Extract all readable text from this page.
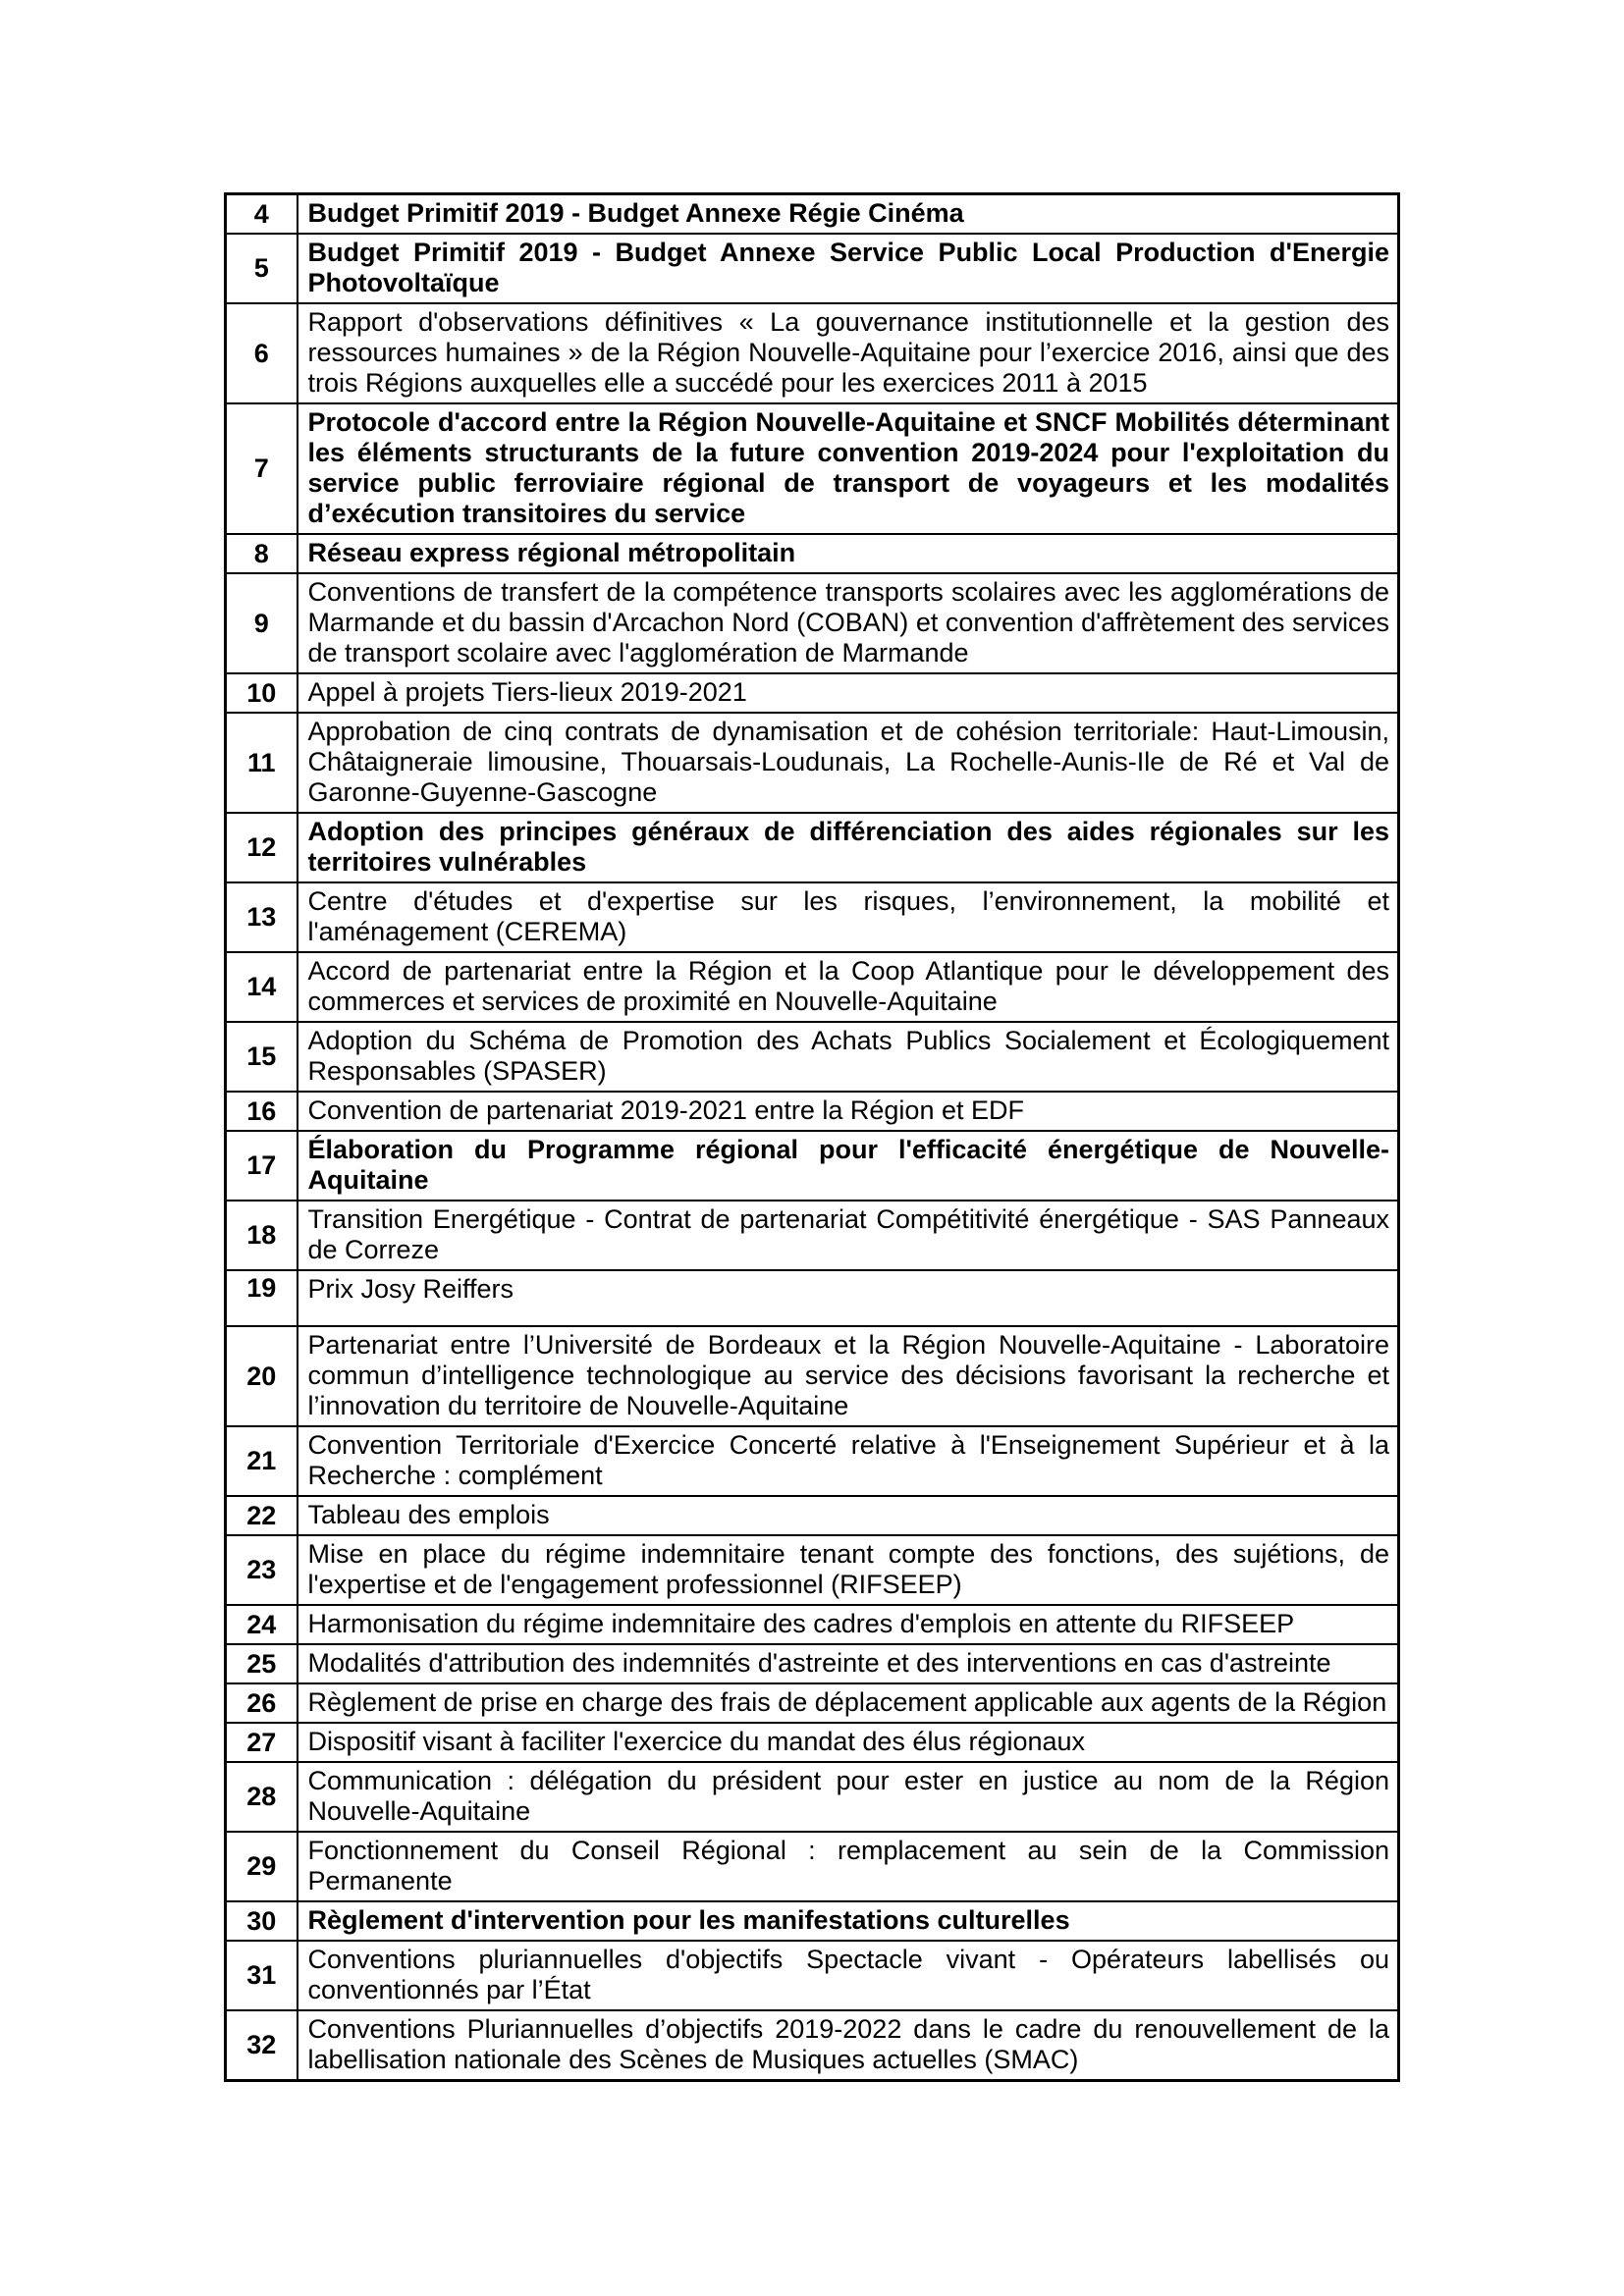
4	Budget Primitif 2019 - Budget Annexe Régie Cinéma
5	Budget Primitif 2019 - Budget Annexe Service Public Local Production d'Energie Photovoltaïque
6	Rapport d'observations définitives « La gouvernance institutionnelle et la gestion des ressources humaines » de la Région Nouvelle-Aquitaine pour l’exercice 2016, ainsi que des trois Régions auxquelles elle a succédé pour les exercices 2011 à 2015
7	Protocole d'accord entre la Région Nouvelle-Aquitaine et SNCF Mobilités déterminant les éléments structurants de la future convention 2019-2024 pour l'exploitation du service public ferroviaire régional de transport de voyageurs et les modalités d’exécution transitoires du service
8	Réseau express régional métropolitain
9	Conventions de transfert de la compétence transports scolaires avec les agglomérations de Marmande et du bassin d'Arcachon Nord (COBAN) et convention d'affrètement des services de transport scolaire avec l'agglomération de Marmande
10	Appel à projets Tiers-lieux 2019-2021
11	Approbation de cinq contrats de dynamisation et de cohésion territoriale: Haut-Limousin, Châtaigneraie limousine, Thouarsais-Loudunais, La Rochelle-Aunis-Ile de Ré et Val de Garonne-Guyenne-Gascogne
12	Adoption des principes généraux de différenciation des aides régionales sur les territoires vulnérables
13	Centre d'études et d'expertise sur les risques, l’environnement, la mobilité et l'aménagement (CEREMA)
14	Accord de partenariat entre la Région et la Coop Atlantique pour le développement des commerces et services de proximité en Nouvelle-Aquitaine
15	Adoption du Schéma de Promotion des Achats Publics Socialement et Écologiquement Responsables (SPASER)
16	Convention de partenariat 2019-2021 entre la Région et EDF
17	Élaboration du Programme régional pour l'efficacité énergétique de Nouvelle-Aquitaine
18	Transition Energétique - Contrat de partenariat Compétitivité énergétique - SAS Panneaux de Correze
19	Prix Josy Reiffers
20	Partenariat entre l’Université de Bordeaux et la Région Nouvelle-Aquitaine - Laboratoire commun d’intelligence technologique au service des décisions favorisant la recherche et l’innovation du territoire de Nouvelle-Aquitaine
21	Convention Territoriale d'Exercice Concerté relative à l'Enseignement Supérieur et à la Recherche : complément
22	Tableau des emplois
23	Mise en place du régime indemnitaire tenant compte des fonctions, des sujétions, de l'expertise et de l'engagement professionnel (RIFSEEP)
24	Harmonisation du régime indemnitaire des cadres d'emplois en attente du RIFSEEP
25	Modalités d'attribution des indemnités d'astreinte et des interventions en cas d'astreinte
26	Règlement de prise en charge des frais de déplacement applicable aux agents de la Région
27	Dispositif visant à faciliter l'exercice du mandat des élus régionaux
28	Communication : délégation du président pour ester en justice au nom de la Région Nouvelle-Aquitaine
29	Fonctionnement du Conseil Régional : remplacement au sein de la Commission Permanente
30	Règlement d'intervention pour les manifestations culturelles
31	Conventions pluriannuelles d'objectifs Spectacle vivant - Opérateurs labellisés ou conventionnés par l’État
32	Conventions Pluriannuelles d’objectifs 2019-2022 dans le cadre du renouvellement de la labellisation nationale des Scènes de Musiques actuelles (SMAC)
